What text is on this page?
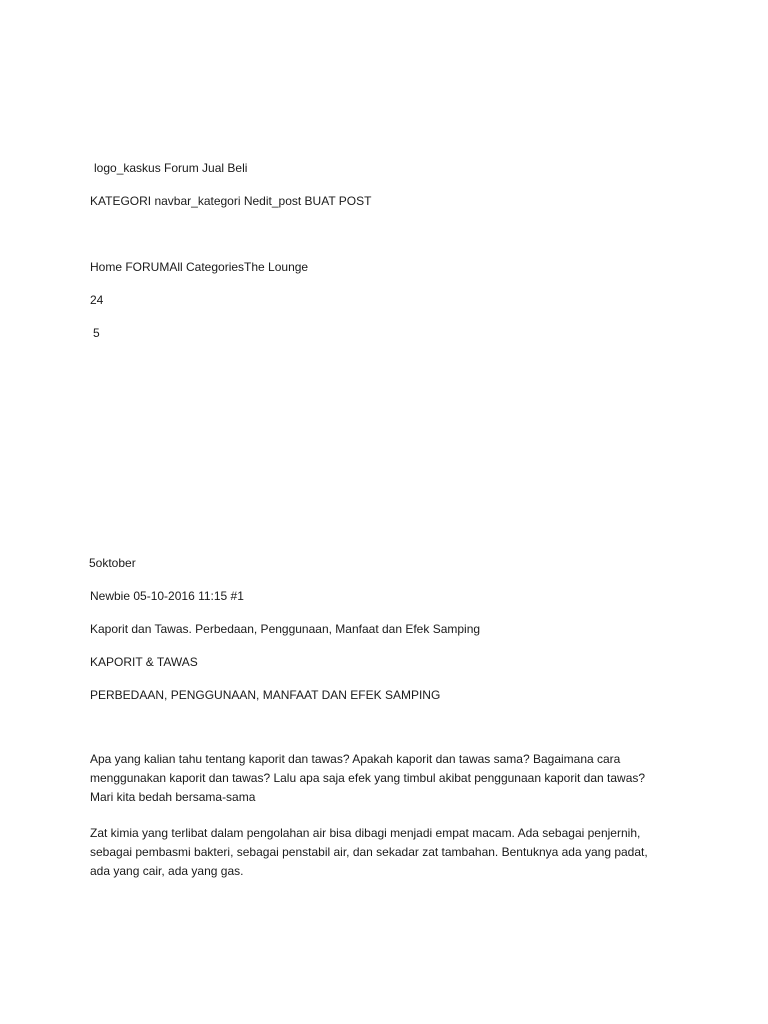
logo_kaskus Forum Jual Beli
KATEGORI navbar_kategori Nedit_post BUAT POST
Home FORUMAll CategoriesThe Lounge
24
5
5oktober
Newbie 05-10-2016 11:15 #1
Kaporit dan Tawas. Perbedaan, Penggunaan, Manfaat dan Efek Samping
KAPORIT & TAWAS
PERBEDAAN, PENGGUNAAN, MANFAAT DAN EFEK SAMPING
Apa yang kalian tahu tentang kaporit dan tawas? Apakah kaporit dan tawas sama? Bagaimana cara
menggunakan kaporit dan tawas? Lalu apa saja efek yang timbul akibat penggunaan kaporit dan tawas?
Mari kita bedah bersama-sama
Zat kimia yang terlibat dalam pengolahan air bisa dibagi menjadi empat macam. Ada sebagai penjernih,
sebagai pembasmi bakteri, sebagai penstabil air, dan sekadar zat tambahan. Bentuknya ada yang padat,
ada yang cair, ada yang gas.
